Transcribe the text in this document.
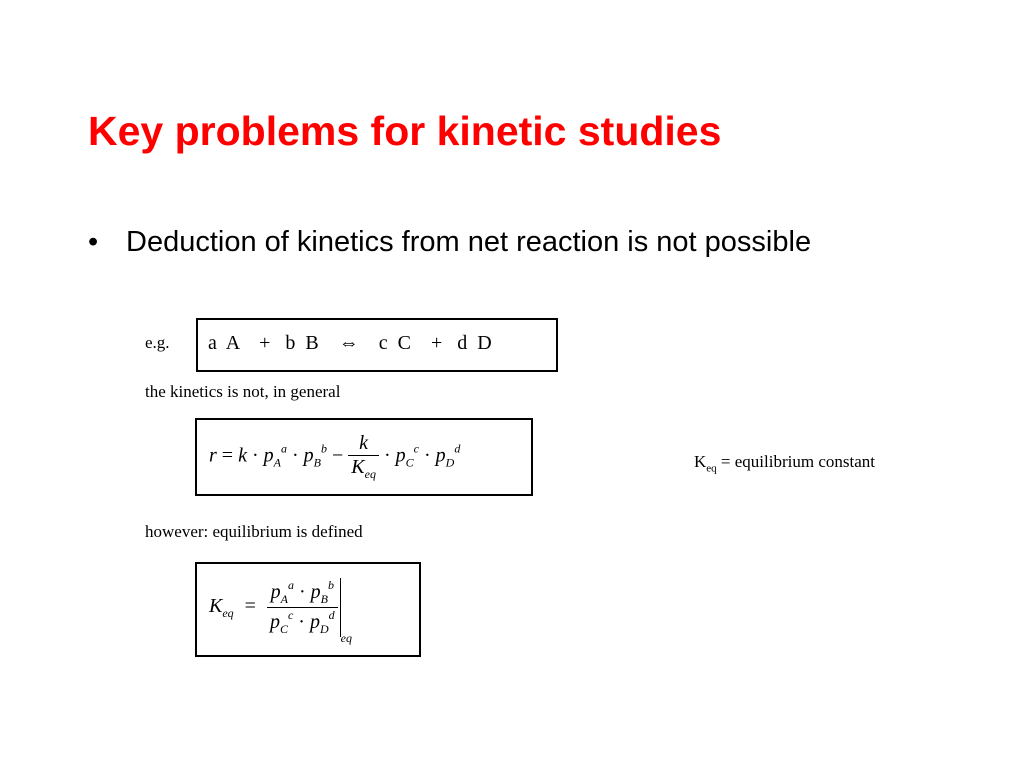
Key problems for kinetic studies
• Deduction of kinetics from net reaction is not possible
e.g. a  A    +   b  B    ⇔    c  C    +   d  D
the kinetics is not, in general
$r = k \cdot p_A^a \cdot p_B^b - \frac{k}{K_{eq}} \cdot p_C^c \cdot p_D^d$
$K_{eq}$ = equilibrium constant
however: equilibrium is defined
$K_{eq} = \frac{p_A^a \cdot p_B^b}{p_C^c \cdot p_D^d}$
$_{eq}$
